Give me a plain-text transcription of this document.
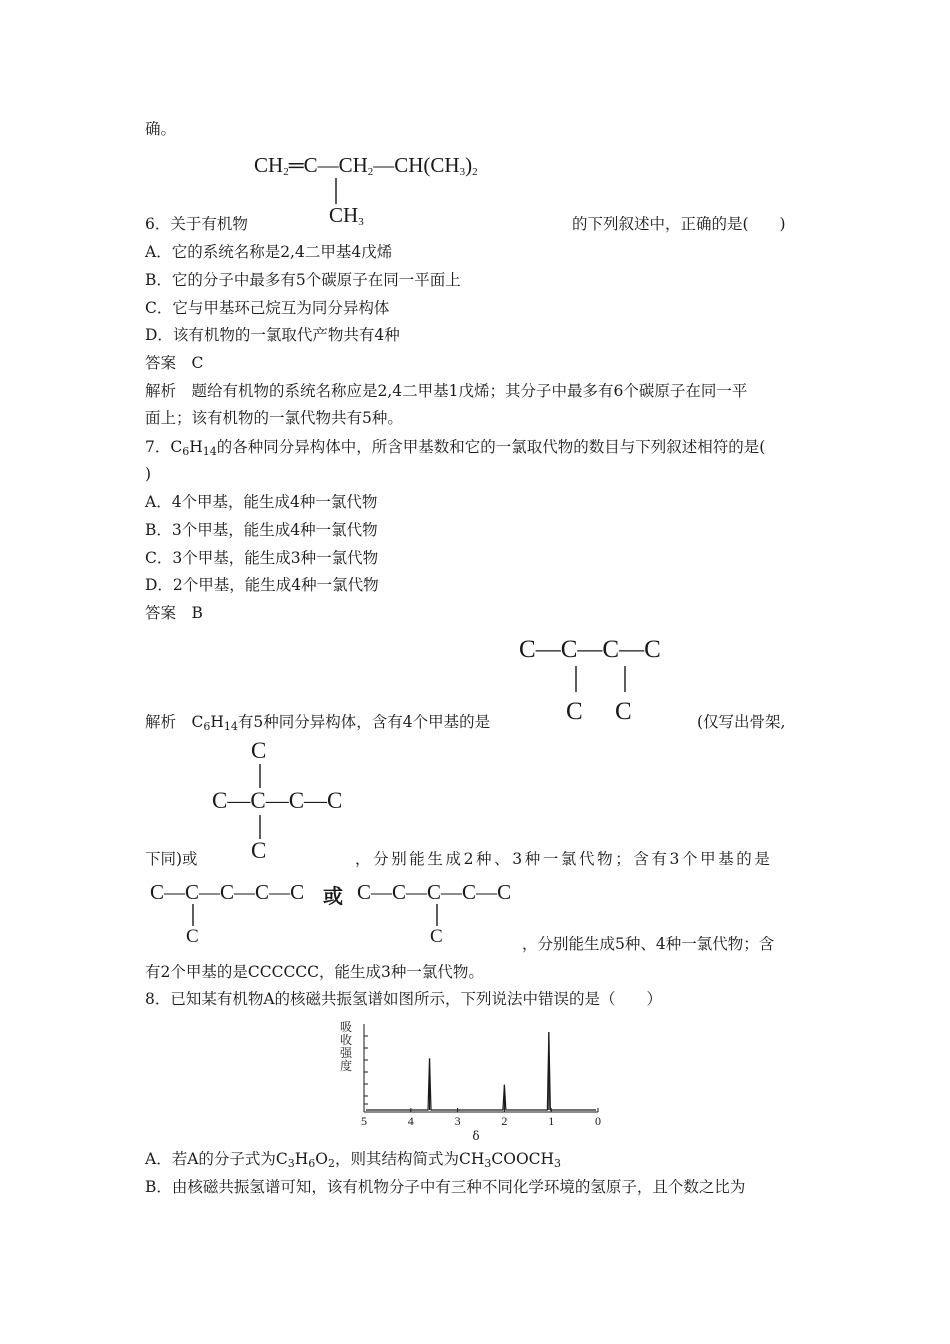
确。
$CH_2═C—CH_2—CH(CH_3)_2$
$CH_3$
6．关于有机物	的下列叙述中，正确的是(　　)
A．它的系统名称是2,4二甲基4戊烯
B．它的分子中最多有5个碳原子在同一平面上
C．它与甲基环己烷互为同分异构体
D．该有机物的一氯取代产物共有4种
答案　C
解析　题给有机物的系统名称应是2,4二甲基1戊烯；其分子中最多有6个碳原子在同一平
面上；该有机物的一氯代物共有5种。
7．$C_6H_{14}$的各种同分异构体中，所含甲基数和它的一氯取代物的数目与下列叙述相符的是(
)
A．4个甲基，能生成4种一氯代物
B．3个甲基，能生成4种一氯代物
C．3个甲基，能生成3种一氯代物
D．2个甲基，能生成4种一氯代物
答案　B
C—C—C—C
C C
解析　$C_6H_{14}$有5种同分异构体，含有4个甲基的是	(仅写出骨架,
C
C—C—C—C
C
下同)或	，分别能生成2种、3种一氯代物；含有3个甲基的是
C—C—C—C—C
C
或 C—C—C—C—C
C	，分别能生成5种、4种一氯代物；含
有2个甲基的是CCCCCC，能生成3种一氯代物。
8．已知某有机物A的核磁共振氢谱如图所示，下列说法中错误的是（　　）
吸
收
强
度
5	4	3	2	1	0
δ
A．若A的分子式为$C_3H_6O_2$，则其结构简式为$CH_3COOCH_3$
B．由核磁共振氢谱可知，该有机物分子中有三种不同化学环境的氢原子，且个数之比为
